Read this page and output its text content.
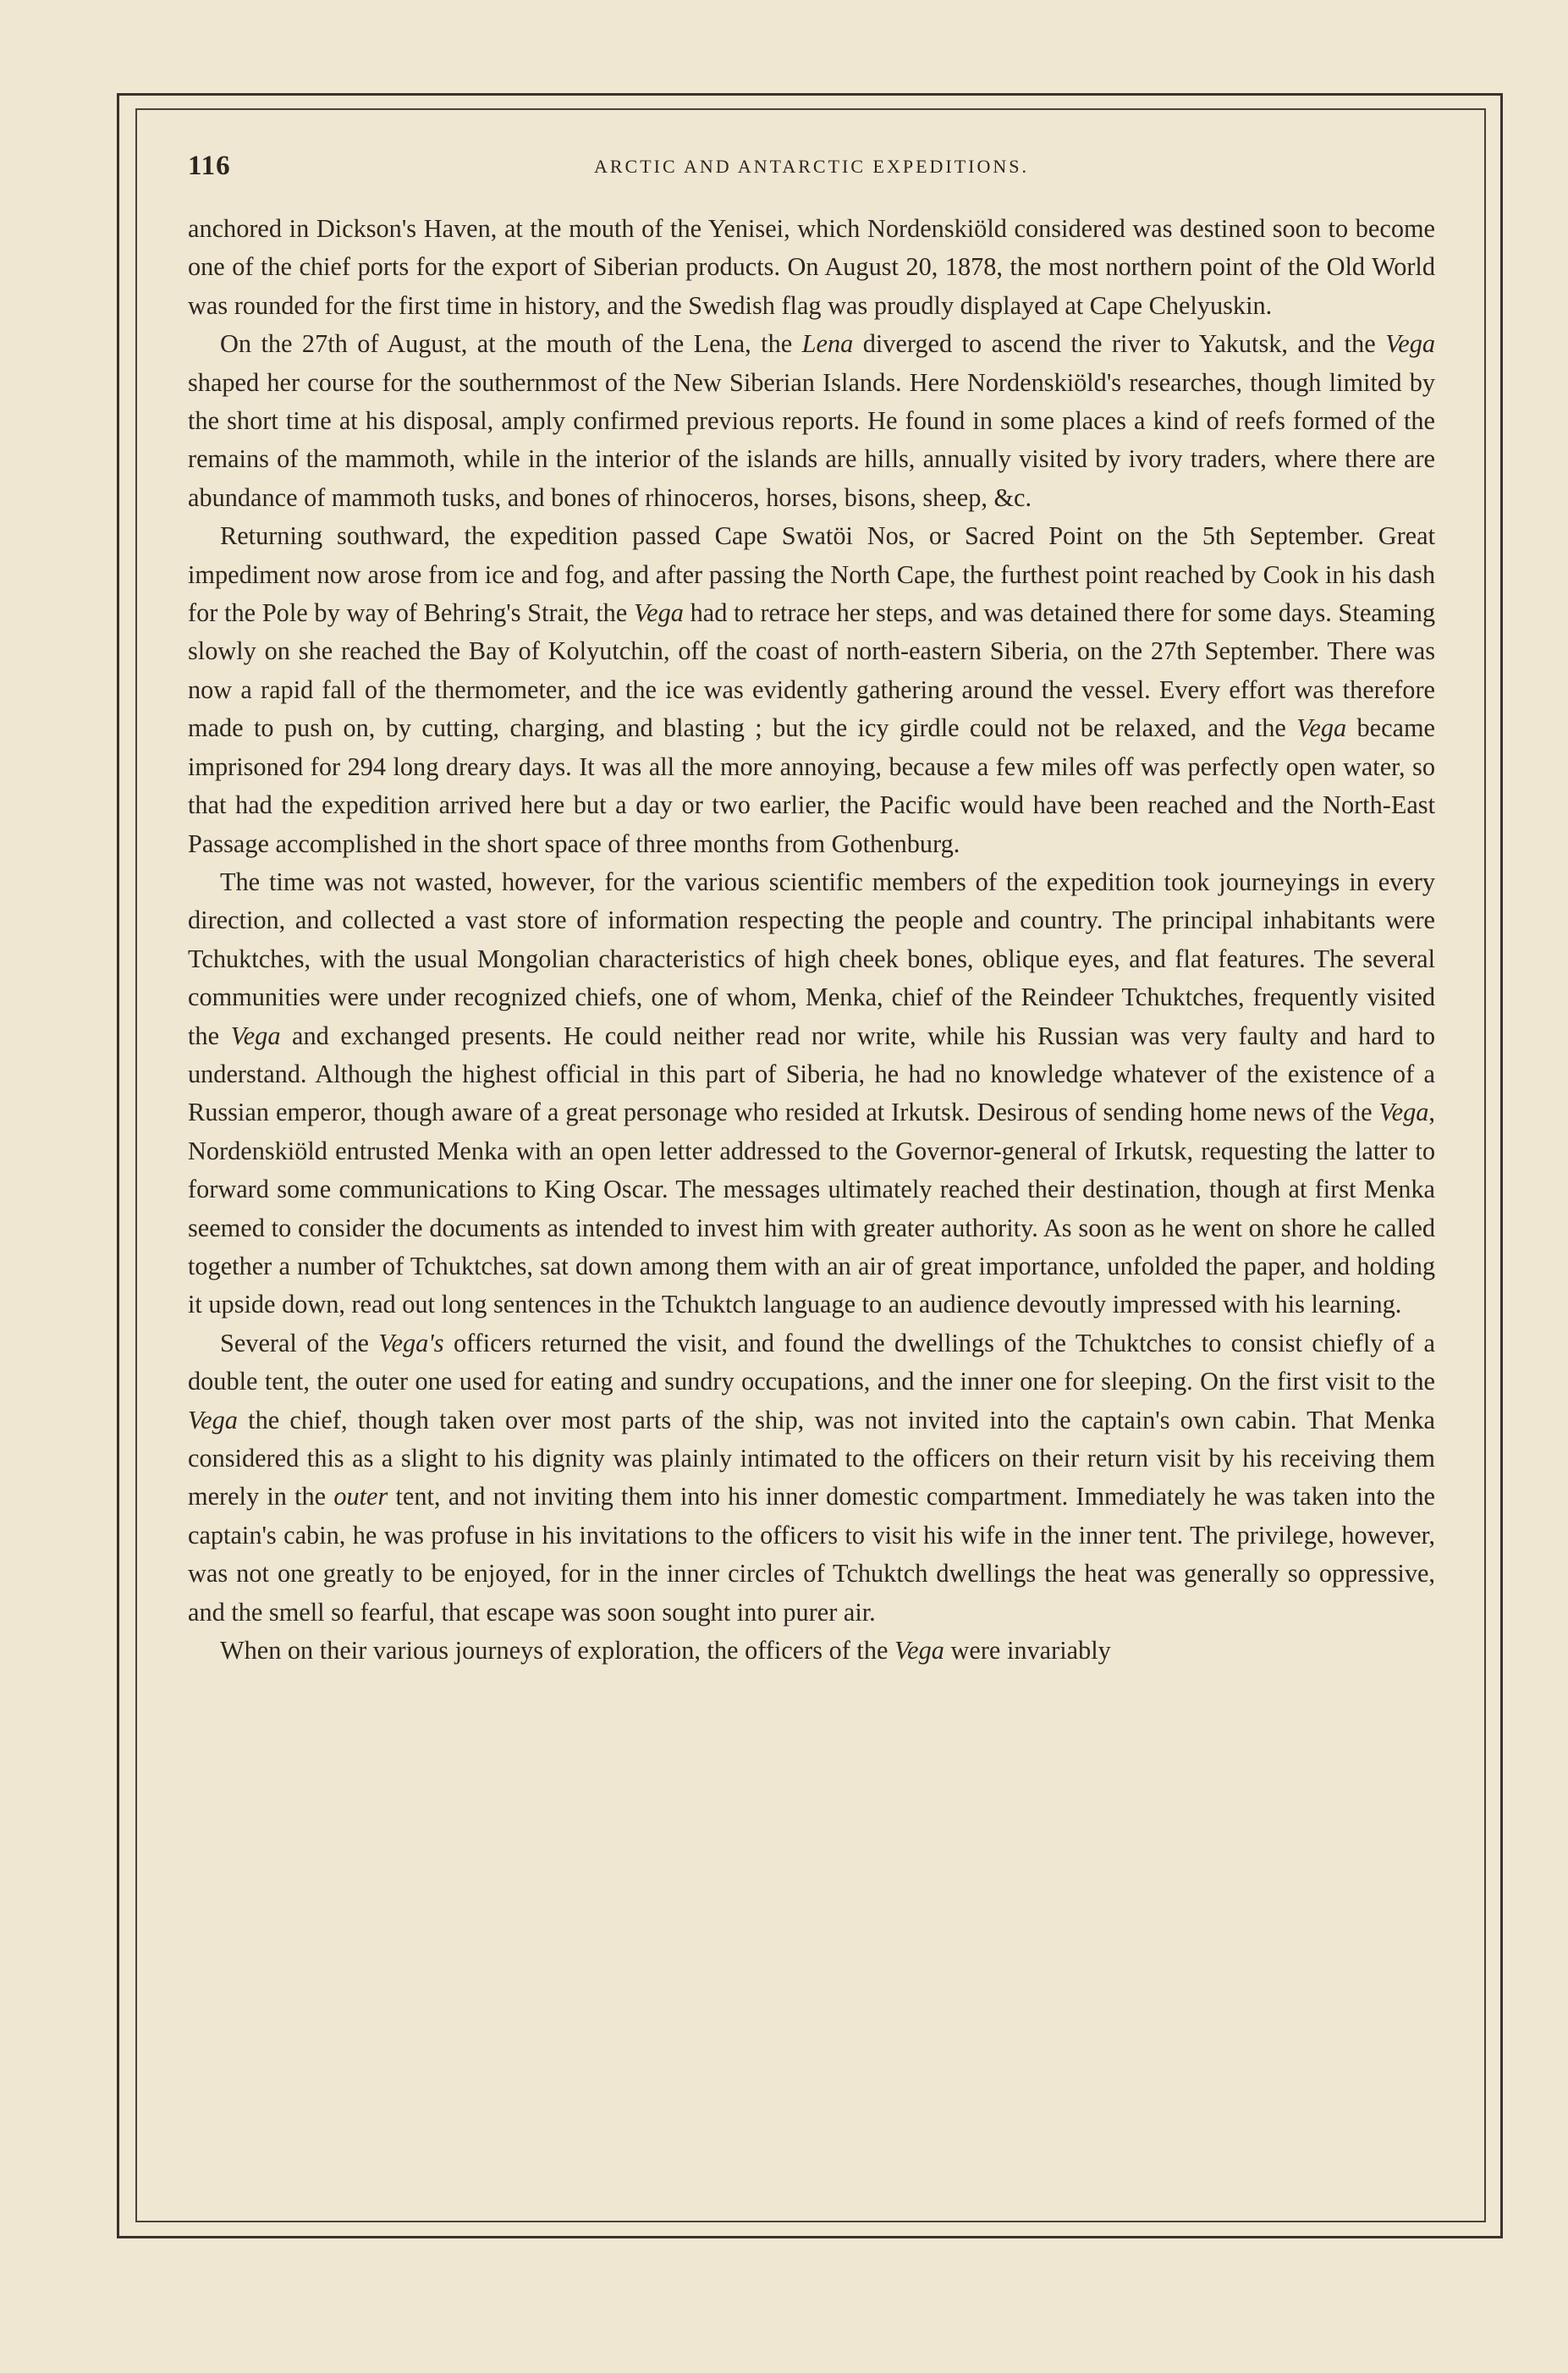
116	ARCTIC AND ANTARCTIC EXPEDITIONS.

anchored in Dickson's Haven, at the mouth of the Yenisei, which Nordenskiöld considered was destined soon to become one of the chief ports for the export of Siberian products. On August 20, 1878, the most northern point of the Old World was rounded for the first time in history, and the Swedish flag was proudly displayed at Cape Chelyuskin.

On the 27th of August, at the mouth of the Lena, the Lena diverged to ascend the river to Yakutsk, and the Vega shaped her course for the southernmost of the New Siberian Islands. Here Nordenskiöld's researches, though limited by the short time at his disposal, amply confirmed previous reports. He found in some places a kind of reefs formed of the remains of the mammoth, while in the interior of the islands are hills, annually visited by ivory traders, where there are abundance of mammoth tusks, and bones of rhinoceros, horses, bisons, sheep, &c.

Returning southward, the expedition passed Cape Swatöi Nos, or Sacred Point on the 5th September. Great impediment now arose from ice and fog, and after passing the North Cape, the furthest point reached by Cook in his dash for the Pole by way of Behring's Strait, the Vega had to retrace her steps, and was detained there for some days. Steaming slowly on she reached the Bay of Kolyutchin, off the coast of north-eastern Siberia, on the 27th September. There was now a rapid fall of the thermometer, and the ice was evidently gathering around the vessel. Every effort was therefore made to push on, by cutting, charging, and blasting ; but the icy girdle could not be relaxed, and the Vega became imprisoned for 294 long dreary days. It was all the more annoying, because a few miles off was perfectly open water, so that had the expedition arrived here but a day or two earlier, the Pacific would have been reached and the North-East Passage accomplished in the short space of three months from Gothenburg.

The time was not wasted, however, for the various scientific members of the expedition took journeyings in every direction, and collected a vast store of information respecting the people and country. The principal inhabitants were Tchuktches, with the usual Mongolian characteristics of high cheek bones, oblique eyes, and flat features. The several communities were under recognized chiefs, one of whom, Menka, chief of the Reindeer Tchuktches, frequently visited the Vega and exchanged presents. He could neither read nor write, while his Russian was very faulty and hard to understand. Although the highest official in this part of Siberia, he had no knowledge whatever of the existence of a Russian emperor, though aware of a great personage who resided at Irkutsk. Desirous of sending home news of the Vega, Nordenskiöld entrusted Menka with an open letter addressed to the Governor-general of Irkutsk, requesting the latter to forward some communications to King Oscar. The messages ultimately reached their destination, though at first Menka seemed to consider the documents as intended to invest him with greater authority. As soon as he went on shore he called together a number of Tchuktches, sat down among them with an air of great importance, unfolded the paper, and holding it upside down, read out long sentences in the Tchuktch language to an audience devoutly impressed with his learning.

Several of the Vega's officers returned the visit, and found the dwellings of the Tchuktches to consist chiefly of a double tent, the outer one used for eating and sundry occupations, and the inner one for sleeping. On the first visit to the Vega the chief, though taken over most parts of the ship, was not invited into the captain's own cabin. That Menka considered this as a slight to his dignity was plainly intimated to the officers on their return visit by his receiving them merely in the outer tent, and not inviting them into his inner domestic compartment. Immediately he was taken into the captain's cabin, he was profuse in his invitations to the officers to visit his wife in the inner tent. The privilege, however, was not one greatly to be enjoyed, for in the inner circles of Tchuktch dwellings the heat was generally so oppressive, and the smell so fearful, that escape was soon sought into purer air.

When on their various journeys of exploration, the officers of the Vega were invariably
